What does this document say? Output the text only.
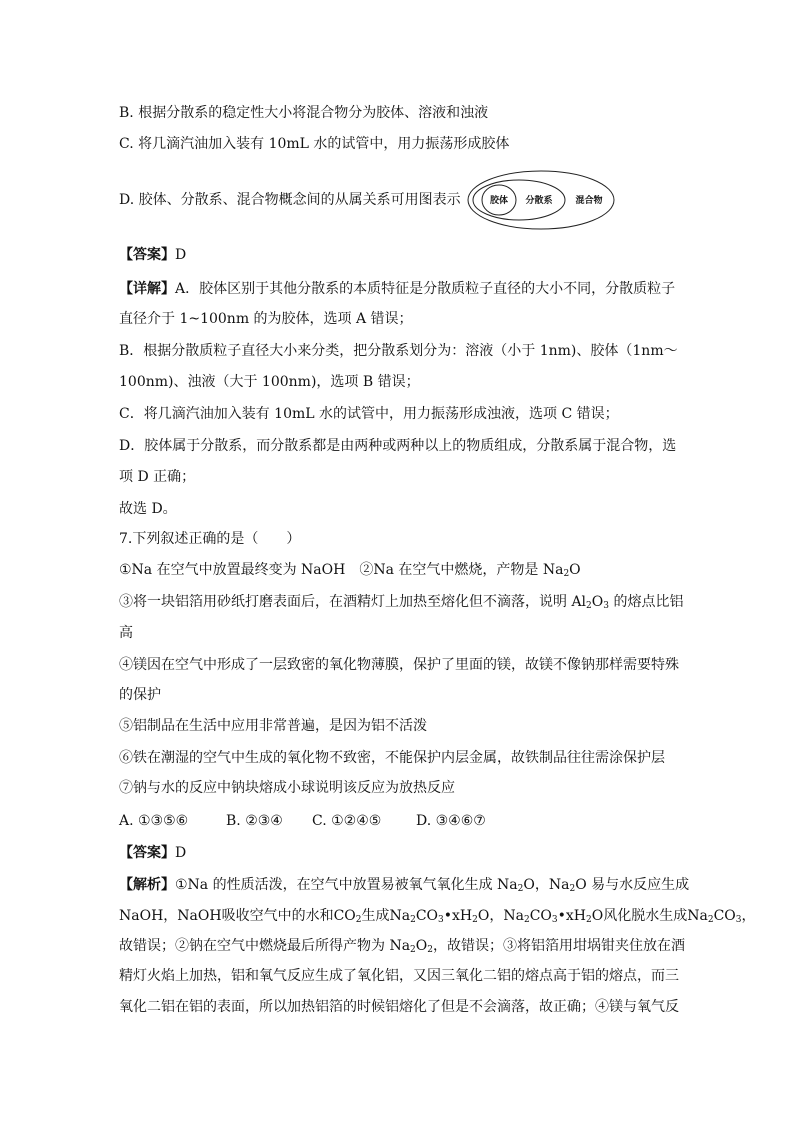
B. 根据分散系的稳定性大小将混合物分为胶体、溶液和浊液
C. 将几滴汽油加入装有 10mL 水的试管中，用力振荡形成胶体
D. 胶体、分散系、混合物概念间的从属关系可用图表示	胶体 分散系	混合物
【答案】D
【详解】A．胶体区别于其他分散系的本质特征是分散质粒子直径的大小不同，分散质粒子
直径介于 1~100nm 的为胶体，选项 A 错误；
B．根据分散质粒子直径大小来分类，把分散系划分为：溶液（小于 1nm)、胶体（1nm～
100nm)、浊液（大于 100nm)，选项 B 错误；
C．将几滴汽油加入装有 10mL 水的试管中，用力振荡形成浊液，选项 C 错误；
D．胶体属于分散系，而分散系都是由两种或两种以上的物质组成，分散系属于混合物，选
项 D 正确；
故选 D。
7.下列叙述正确的是（　　）
①Na 在空气中放置最终变为 NaOH　②Na 在空气中燃烧，产物是 $Na_2O$
③将一块铝箔用砂纸打磨表面后，在酒精灯上加热至熔化但不滴落，说明 $Al_2O_3$ 的熔点比铝
高
④镁因在空气中形成了一层致密的氧化物薄膜，保护了里面的镁，故镁不像钠那样需要特殊
的保护
⑤铝制品在生活中应用非常普遍，是因为铝不活泼
⑥铁在潮湿的空气中生成的氧化物不致密，不能保护内层金属，故铁制品往往需涂保护层
⑦钠与水的反应中钠块熔成小球说明该反应为放热反应
A. ①③⑤⑥	B. ②③④ C. ①②④⑤ D. ③④⑥⑦
【答案】D
【解析】①Na 的性质活泼，在空气中放置易被氧气氧化生成 $Na_2O$，$Na_2O$ 易与水反应生成
NaOH，NaOH吸收空气中的水和$CO_2$生成$Na_2CO_3•xH_2O$，$Na_2CO_3•xH_2O$风化脱水生成$Na_2CO_3$，
故错误；②钠在空气中燃烧最后所得产物为 $Na_2O_2$，故错误；③将铝箔用坩埚钳夹住放在酒
精灯火焰上加热，铝和氧气反应生成了氧化铝，又因三氧化二铝的熔点高于铝的熔点，而三
氧化二铝在铝的表面，所以加热铝箔的时候铝熔化了但是不会滴落，故正确；④镁与氧气反
